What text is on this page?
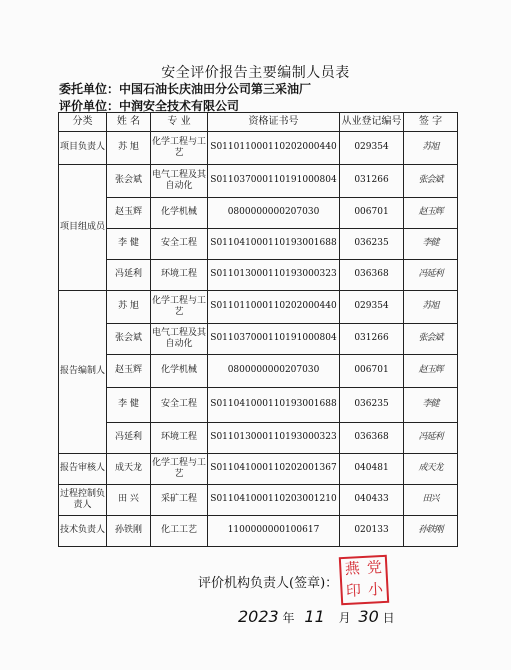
安全评价报告主要编制人员表
委托单位：中国石油长庆油田分公司第三采油厂
评价单位：中润安全技术有限公司
分类	姓 名	专 业	资格证书号	从业登记编号	签 字
项目负责人	苏 旭	化学工程与工艺	S011011000110202000440	029354	苏旭
项目组成员	张会斌	电气工程及其自动化	S011037000110191000804	031266	张会斌
	赵玉辉	化学机械	0800000000207030	006701	赵玉辉
	李 健	安全工程	S011041000110193001688	036235	李健
	冯延利	环境工程	S011013000110193000323	036368	冯延利
报告编制人	苏 旭	化学工程与工艺	S011011000110202000440	029354	苏旭
	张会斌	电气工程及其自动化	S011037000110191000804	031266	张会斌
	赵玉辉	化学机械	0800000000207030	006701	赵玉辉
	李 健	安全工程	S011041000110193001688	036235	李健
	冯延利	环境工程	S011013000110193000323	036368	冯延利
报告审核人	成天龙	化学工程与工艺	S011041000110202001367	040481	成天龙
过程控制负责人	田 兴	采矿工程	S011041000110203001210	040433	田兴
技术负责人	孙铁刚	化工工艺	1100000000100617	020133	孙铁刚
评价机构负责人(签章)：
燕 党
印 小
2023 年 11 月 30 日
